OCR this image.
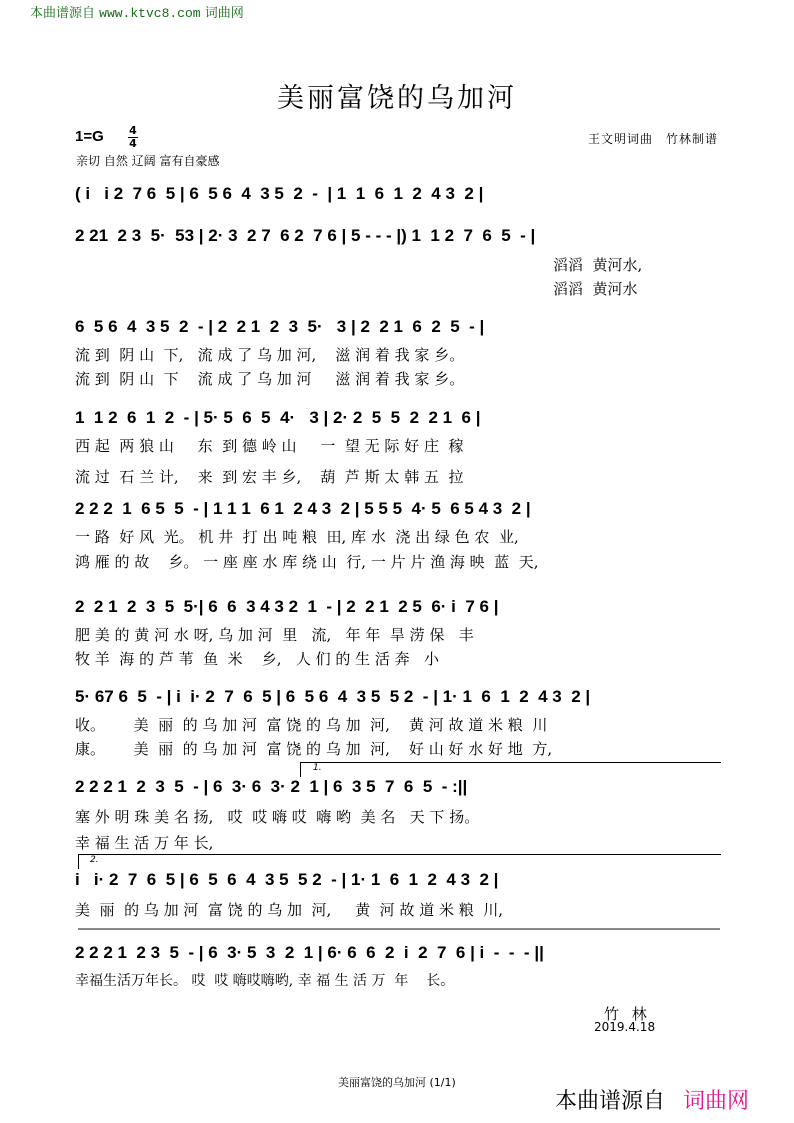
本曲谱源自 www.ktvc8.com 词曲网
美丽富饶的乌加河
1=G 4
4
亲切 自然 辽阔 富有自豪感
王文明词曲　竹林制谱
( i   i 2  7 6  5 | 6  5 6  4  3 5  2  -  | 1  1  6  1  2  4 3  2 |
2 21  2 3  5·  53 | 2· 3  2 7  6 2  7 6 | 5 - - - |) 1  1 2  7  6  5  - |
滔滔  黄河水,
滔滔  黄河水
6  5 6  4  3 5  2  - | 2  2 1  2  3  5·   3 | 2  2 1  6  2  5  - |
流 到  阴 山  下,   流 成 了 乌 加 河,    滋 润 着 我 家 乡。
流 到  阴 山  下    流 成 了 乌 加 河     滋 润 着 我 家 乡。
1  1 2  6  1  2  - | 5· 5  6  5  4·   3 | 2· 2  5  5  2  2 1  6 |
西 起  两 狼 山     东  到 德 岭 山     一  望 无 际 好 庄  稼
流 过  石 兰 计,    来  到 宏 丰 乡,    葫  芦 斯 太 韩 五  拉
2 2 2  1  6 5  5  - | 1 1 1  6 1  2 4 3  2 | 5 5 5  4· 5  6 5 4 3  2 |
一 路  好 风  光。 机 井  打 出 吨 粮  田, 库 水  浇 出 绿 色 农  业,
鸿 雁 的 故    乡。 一 座 座 水 库 绕 山  行, 一 片 片 渔 海 映  蓝  天,
2  2 1  2  3  5  5·| 6  6  3 4 3 2  1  - | 2  2 1  2 5  6· i  7 6 |
肥 美 的 黄 河 水 呀, 乌 加 河  里   流,   年 年  旱 涝 保   丰
牧 羊  海 的 芦 苇  鱼  米    乡,   人 们 的 生 活 奔   小
5· 67 6  5  - | i  i· 2  7  6  5 | 6  5 6  4  3 5  5 2  - | 1· 1  6  1  2  4 3  2 |
收。      美  丽  的 乌 加 河  富 饶 的 乌 加  河,    黄 河 故 道 米 粮  川
康。      美  丽  的 乌 加 河  富 饶 的 乌 加  河,    好 山 好 水 好 地  方,
1.
2 2 2 1  2  3  5  - | 6  3· 6  3· 2  1 | 6  3 5  7  6  5  - :||
塞 外 明 珠 美 名 扬,   哎  哎 嗨 哎  嗨 哟  美 名   天 下 扬。
幸 福 生 活 万 年 长,
2.
i   i· 2  7  6  5 | 6  5  6  4  3 5  5 2  - | 1· 1  6  1  2  4 3  2 |
美  丽  的 乌 加 河  富 饶 的 乌 加  河,     黄  河 故 道 米 粮  川,
2 2 2 1  2 3  5  - | 6  3· 5  3  2  1 | 6· 6  6  2  i  2  7  6 | i  -  -  - ||
幸福生活万年长。 哎  哎 嗨哎嗨哟, 幸 福 生 活 万  年    长。
竹 林
2019.4.18
美丽富饶的乌加河 (1/1)
本曲谱源自 词曲网
